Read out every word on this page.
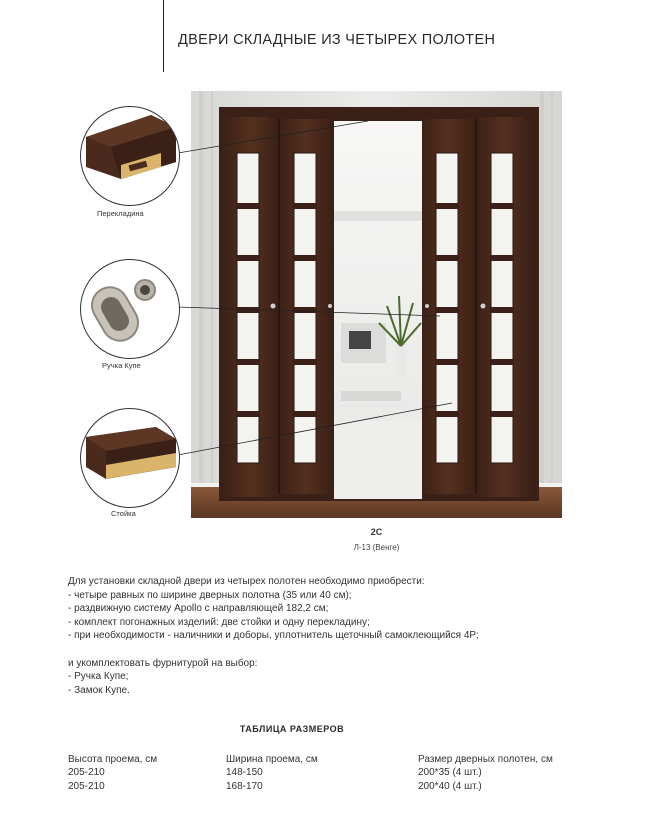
ДВЕРИ СКЛАДНЫЕ ИЗ ЧЕТЫРЕХ ПОЛОТЕН
Перекладина
Ручка Купе
Стойка
2С
Л-13 (Венге)
Для установки складной двери из четырех полотен необходимо приобрести:
- четыре равных по ширине дверных полотна (35 или 40 см);
- раздвижную систему Apollo с направляющей 182,2 см;
- комплект погонажных изделий: две стойки и одну перекладину;
- при необходимости - наличники и доборы, уплотнитель щеточный самоклеющийся 4Р;
и укомплектовать фурнитурой на выбор:
- Ручка Купе;
- Замок Купе.
ТАБЛИЦА РАЗМЕРОВ
Высота проема, см
205-210
205-210
Ширина проема, см
148-150
168-170
Размер дверных полотен, см
200*35 (4 шт.)
200*40 (4 шт.)
